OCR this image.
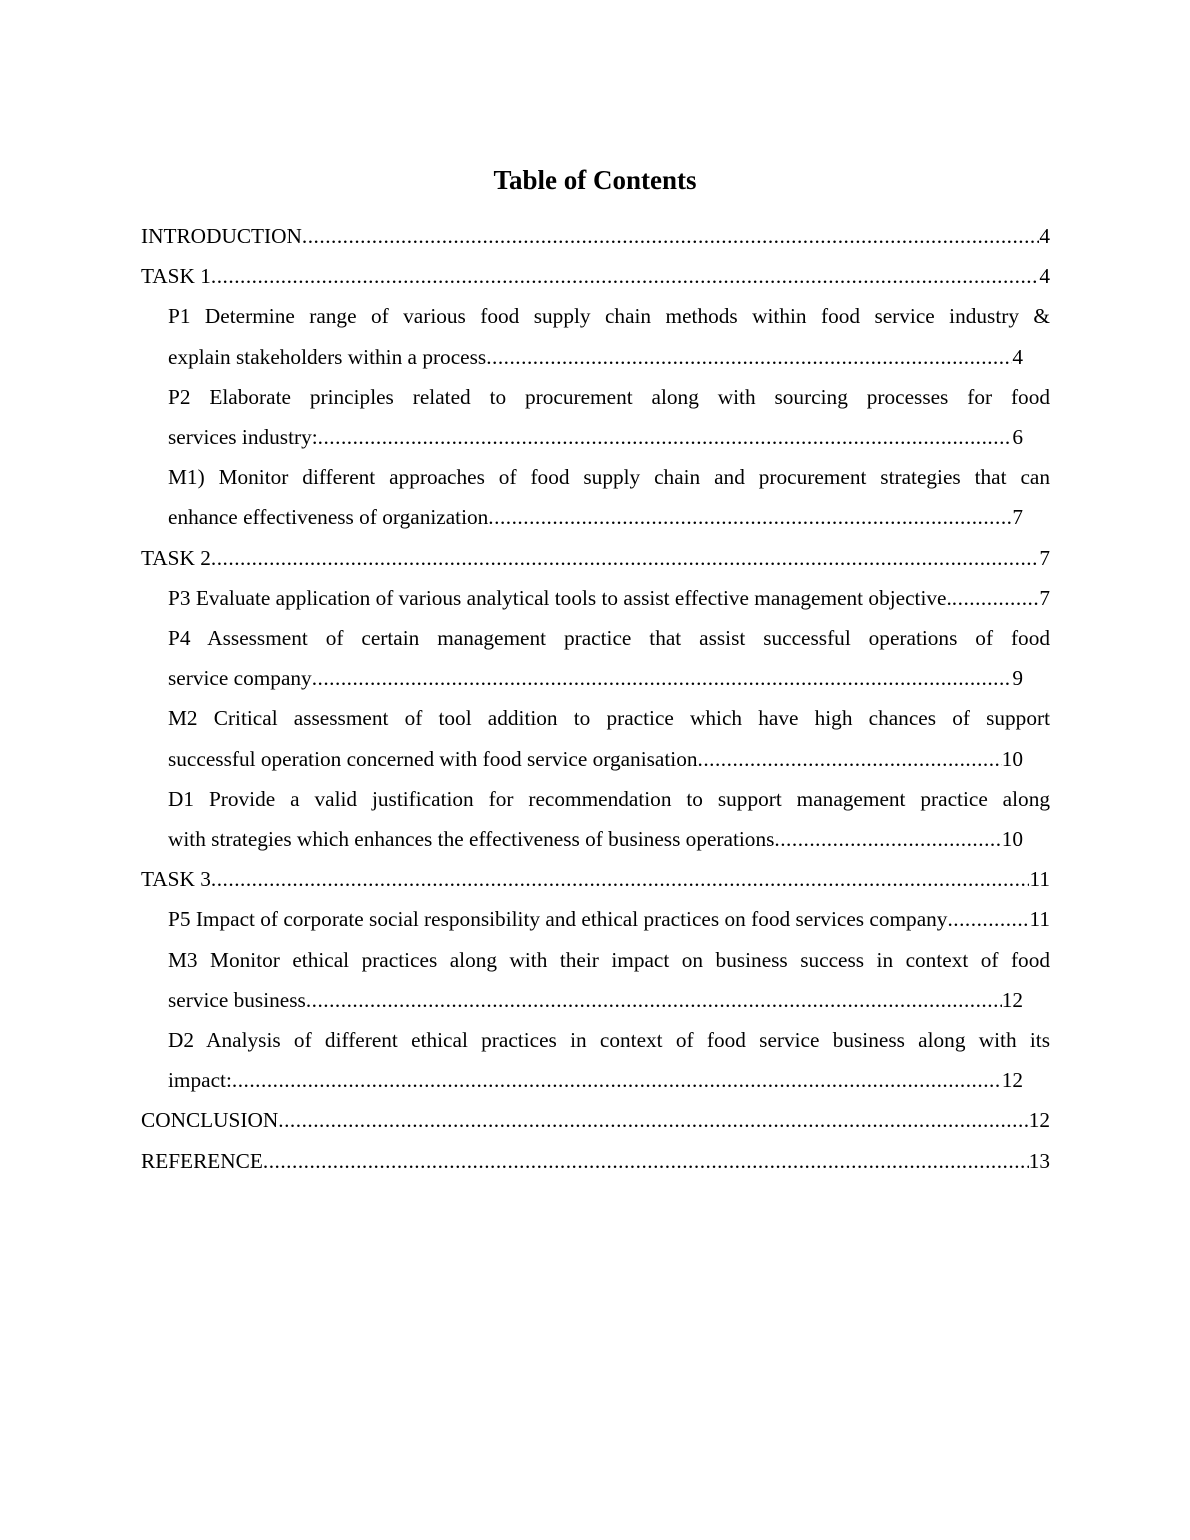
Table of Contents
INTRODUCTION .....	4
TASK 1 .....	4
P1 Determine range of various food supply chain methods within food service industry &
explain stakeholders within a process .....	4
P2 Elaborate principles related to procurement along with sourcing processes for food
services industry: .....	6
M1) Monitor different approaches of food supply chain and procurement strategies that can
enhance effectiveness of organization .....	7
TASK 2 .....	7
P3 Evaluate application of various analytical tools to assist effective management objective. .....	7
P4 Assessment of certain management practice that assist successful operations of food
service company .....	9
M2 Critical assessment of tool addition to practice which have high chances of support
successful operation concerned with food service organisation .....	10
D1 Provide a valid justification for recommendation to support management practice along
with strategies which enhances the effectiveness of business operations .....	10
TASK 3 .....	11
P5 Impact of corporate social responsibility and ethical practices on food services company .....	11
M3 Monitor ethical practices along with their impact on business success in context of food
service business .....	12
D2 Analysis of different ethical practices in context of food service business along with its
impact: .....	12
CONCLUSION .....	12
REFERENCE .....	13
